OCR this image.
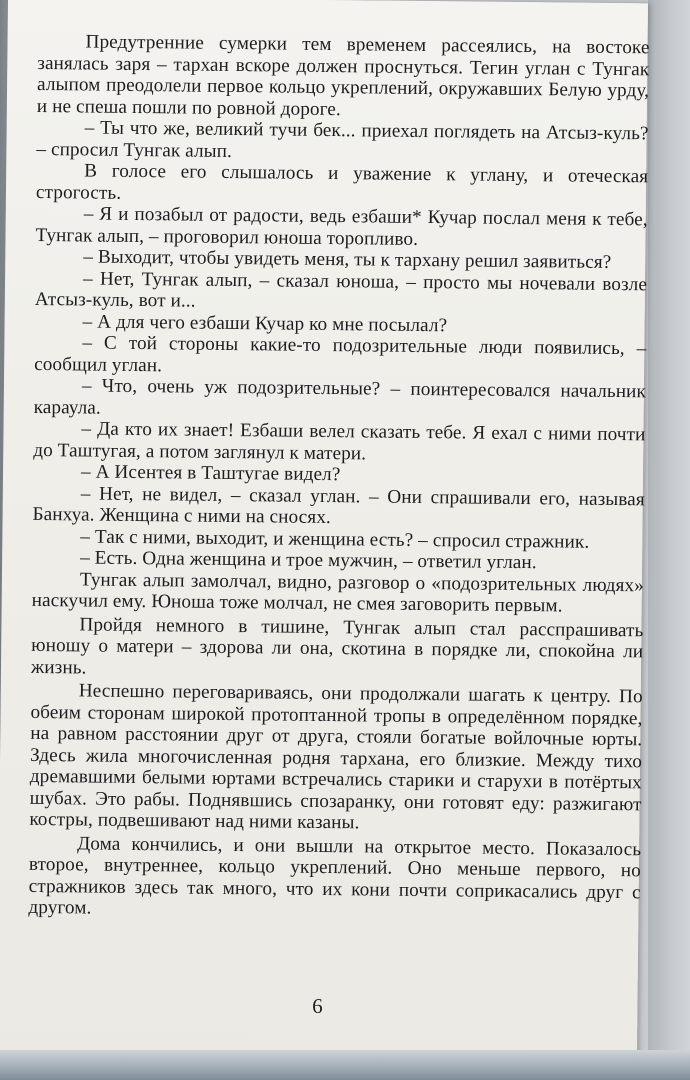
Предутренние сумерки тем временем рассеялись, на востоке занялась заря – тархан вскоре должен проснуться. Тегин углан с Тунгак алыпом преодолели первое кольцо укреплений, окружавших Белую урду, и не спеша пошли по ровной дороге.

– Ты что же, великий тучи бек... приехал поглядеть на Атсыз-куль? – спросил Тунгак алып.

В голосе его слышалось и уважение к углану, и отеческая строгость.

– Я и позабыл от радости, ведь езбаши* Кучар послал меня к тебе, Тунгак алып, – проговорил юноша торопливо.

– Выходит, чтобы увидеть меня, ты к тархану решил заявиться?

– Нет, Тунгак алып, – сказал юноша, – просто мы ночевали возле Атсыз-куль, вот и...

– А для чего езбаши Кучар ко мне посылал?

– С той стороны какие-то подозрительные люди появились, – сообщил углан.

– Что, очень уж подозрительные? – поинтересовался начальник караула.

– Да кто их знает! Езбаши велел сказать тебе. Я ехал с ними почти до Таштугая, а потом заглянул к матери.

– А Исентея в Таштугае видел?

– Нет, не видел, – сказал углан. – Они спрашивали его, называя Банхуа. Женщина с ними на сносях.

– Так с ними, выходит, и женщина есть? – спросил стражник.

– Есть. Одна женщина и трое мужчин, – ответил углан.

Тунгак алып замолчал, видно, разговор о «подозрительных людях» наскучил ему. Юноша тоже молчал, не смея заговорить первым.

Пройдя немного в тишине, Тунгак алып стал расспрашивать юношу о матери – здорова ли она, скотина в порядке ли, спокойна ли жизнь.

Неспешно переговариваясь, они продолжали шагать к центру. По обеим сторонам широкой протоптанной тропы в определённом порядке, на равном расстоянии друг от друга, стояли богатые войлочные юрты. Здесь жила многочисленная родня тархана, его близкие. Между тихо дремавшими белыми юртами встречались старики и старухи в потёртых шубах. Это рабы. Поднявшись спозаранку, они готовят еду: разжигают костры, подвешивают над ними казаны.

Дома кончились, и они вышли на открытое место. Показалось второе, внутреннее, кольцо укреплений. Оно меньше первого, но стражников здесь так много, что их кони почти соприкасались друг с другом.

6
